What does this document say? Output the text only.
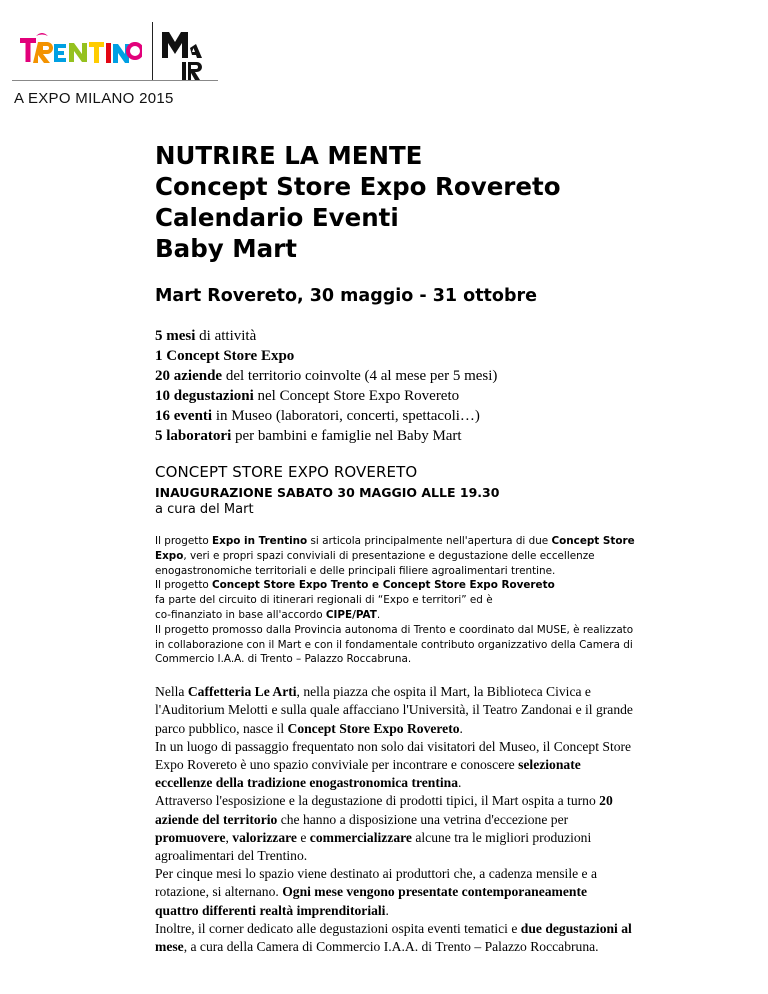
A EXPO MILANO 2015
NUTRIRE LA MENTE
Concept Store Expo Rovereto
Calendario Eventi
Baby Mart
Mart Rovereto, 30 maggio - 31 ottobre
5 mesi di attività
1 Concept Store Expo
20 aziende del territorio coinvolte (4 al mese per 5 mesi)
10 degustazioni nel Concept Store Expo Rovereto
16 eventi in Museo (laboratori, concerti, spettacoli…)
5 laboratori per bambini e famiglie nel Baby Mart
CONCEPT STORE EXPO ROVERETO
INAUGURAZIONE SABATO 30 MAGGIO ALLE 19.30
a cura del Mart
Il progetto Expo in Trentino si articola principalmente nell'apertura di due Concept Store
Expo, veri e propri spazi conviviali di presentazione e degustazione delle eccellenze
enogastronomiche territoriali e delle principali filiere agroalimentari trentine.
Il progetto Concept Store Expo Trento e Concept Store Expo Rovereto
fa parte del circuito di itinerari regionali di “Expo e territori” ed è
co-finanziato in base all'accordo CIPE/PAT.
Il progetto promosso dalla Provincia autonoma di Trento e coordinato dal MUSE, è realizzato
in collaborazione con il Mart e con il fondamentale contributo organizzativo della Camera di
Commercio I.A.A. di Trento – Palazzo Roccabruna.
Nella Caffetteria Le Arti, nella piazza che ospita il Mart, la Biblioteca Civica e
l'Auditorium Melotti e sulla quale affacciano l'Università, il Teatro Zandonai e il grande
parco pubblico, nasce il Concept Store Expo Rovereto.
In un luogo di passaggio frequentato non solo dai visitatori del Museo, il Concept Store
Expo Rovereto è uno spazio conviviale per incontrare e conoscere selezionate
eccellenze della tradizione enogastronomica trentina.
Attraverso l'esposizione e la degustazione di prodotti tipici, il Mart ospita a turno 20
aziende del territorio che hanno a disposizione una vetrina d'eccezione per
promuovere, valorizzare e commercializzare alcune tra le migliori produzioni
agroalimentari del Trentino.
Per cinque mesi lo spazio viene destinato ai produttori che, a cadenza mensile e a
rotazione, si alternano. Ogni mese vengono presentate contemporaneamente
quattro differenti realtà imprenditoriali.
Inoltre, il corner dedicato alle degustazioni ospita eventi tematici e due degustazioni al
mese, a cura della Camera di Commercio I.A.A. di Trento – Palazzo Roccabruna.
